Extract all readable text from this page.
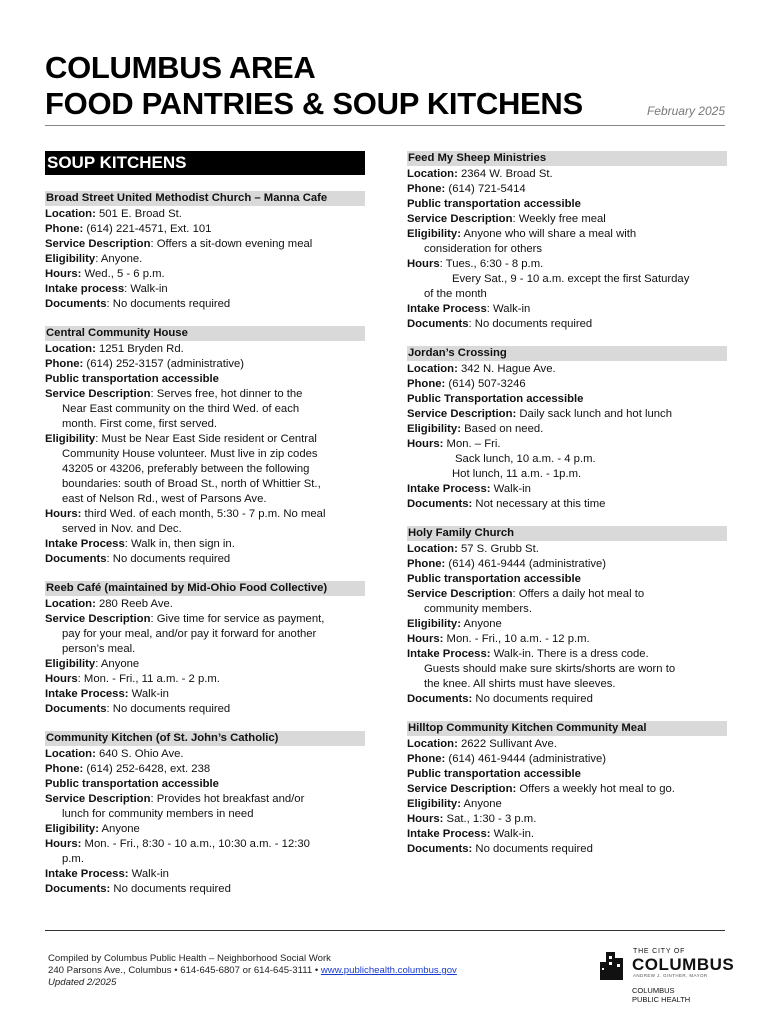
COLUMBUS AREA
FOOD PANTRIES & SOUP KITCHENS	February 2025
SOUP KITCHENS
Broad Street United Methodist Church – Manna Cafe
Location: 501 E. Broad St.
Phone: (614) 221-4571, Ext. 101
Service Description: Offers a sit-down evening meal
Eligibility: Anyone.
Hours: Wed., 5 - 6 p.m.
Intake process: Walk-in
Documents: No documents required
Central Community House
Location: 1251 Bryden Rd.
Phone: (614) 252-3157 (administrative)
Public transportation accessible
Service Description: Serves free, hot dinner to the
Near East community on the third Wed. of each
month. First come, first served.
Eligibility: Must be Near East Side resident or Central
Community House volunteer. Must live in zip codes
43205 or 43206, preferably between the following
boundaries: south of Broad St., north of Whittier St.,
east of Nelson Rd., west of Parsons Ave.
Hours: third Wed. of each month, 5:30 - 7 p.m. No meal
served in Nov. and Dec.
Intake Process: Walk in, then sign in.
Documents: No documents required
Reeb Café (maintained by Mid-Ohio Food Collective)
Location: 280 Reeb Ave.
Service Description: Give time for service as payment,
pay for your meal, and/or pay it forward for another
person’s meal.
Eligibility: Anyone
Hours: Mon. - Fri., 11 a.m. - 2 p.m.
Intake Process: Walk-in
Documents: No documents required
Community Kitchen (of St. John’s Catholic)
Location: 640 S. Ohio Ave.
Phone: (614) 252-6428, ext. 238
Public transportation accessible
Service Description: Provides hot breakfast and/or
lunch for community members in need
Eligibility: Anyone
Hours: Mon. - Fri., 8:30 - 10 a.m., 10:30 a.m. - 12:30
p.m.
Intake Process: Walk-in
Documents: No documents required
Feed My Sheep Ministries
Location: 2364 W. Broad St.
Phone: (614) 721-5414
Public transportation accessible
Service Description: Weekly free meal
Eligibility: Anyone who will share a meal with
consideration for others
Hours: Tues., 6:30 - 8 p.m.
Every Sat., 9 - 10 a.m. except the first Saturday
of the month
Intake Process: Walk-in
Documents: No documents required
Jordan’s Crossing
Location: 342 N. Hague Ave.
Phone: (614) 507-3246
Public Transportation accessible
Service Description: Daily sack lunch and hot lunch
Eligibility: Based on need.
Hours: Mon. – Fri.
Sack lunch, 10 a.m. - 4 p.m.
Hot lunch, 11 a.m. - 1p.m.
Intake Process: Walk-in
Documents: Not necessary at this time
Holy Family Church
Location: 57 S. Grubb St.
Phone: (614) 461-9444 (administrative)
Public transportation accessible
Service Description: Offers a daily hot meal to
community members.
Eligibility: Anyone
Hours: Mon. - Fri., 10 a.m. - 12 p.m.
Intake Process: Walk-in. There is a dress code.
Guests should make sure skirts/shorts are worn to
the knee. All shirts must have sleeves.
Documents: No documents required
Hilltop Community Kitchen Community Meal
Location: 2622 Sullivant Ave.
Phone: (614) 461-9444 (administrative)
Public transportation accessible
Service Description: Offers a weekly hot meal to go.
Eligibility: Anyone
Hours: Sat., 1:30 - 3 p.m.
Intake Process: Walk-in.
Documents: No documents required
Compiled by Columbus Public Health – Neighborhood Social Work
240 Parsons Ave., Columbus • 614-645-6807 or 614-645-3111 • www.publichealth.columbus.gov
Updated 2/2025
THE CITY OF
COLUMBUS
ANDREW J. GINTHER, MAYOR
COLUMBUS
PUBLIC HEALTH
